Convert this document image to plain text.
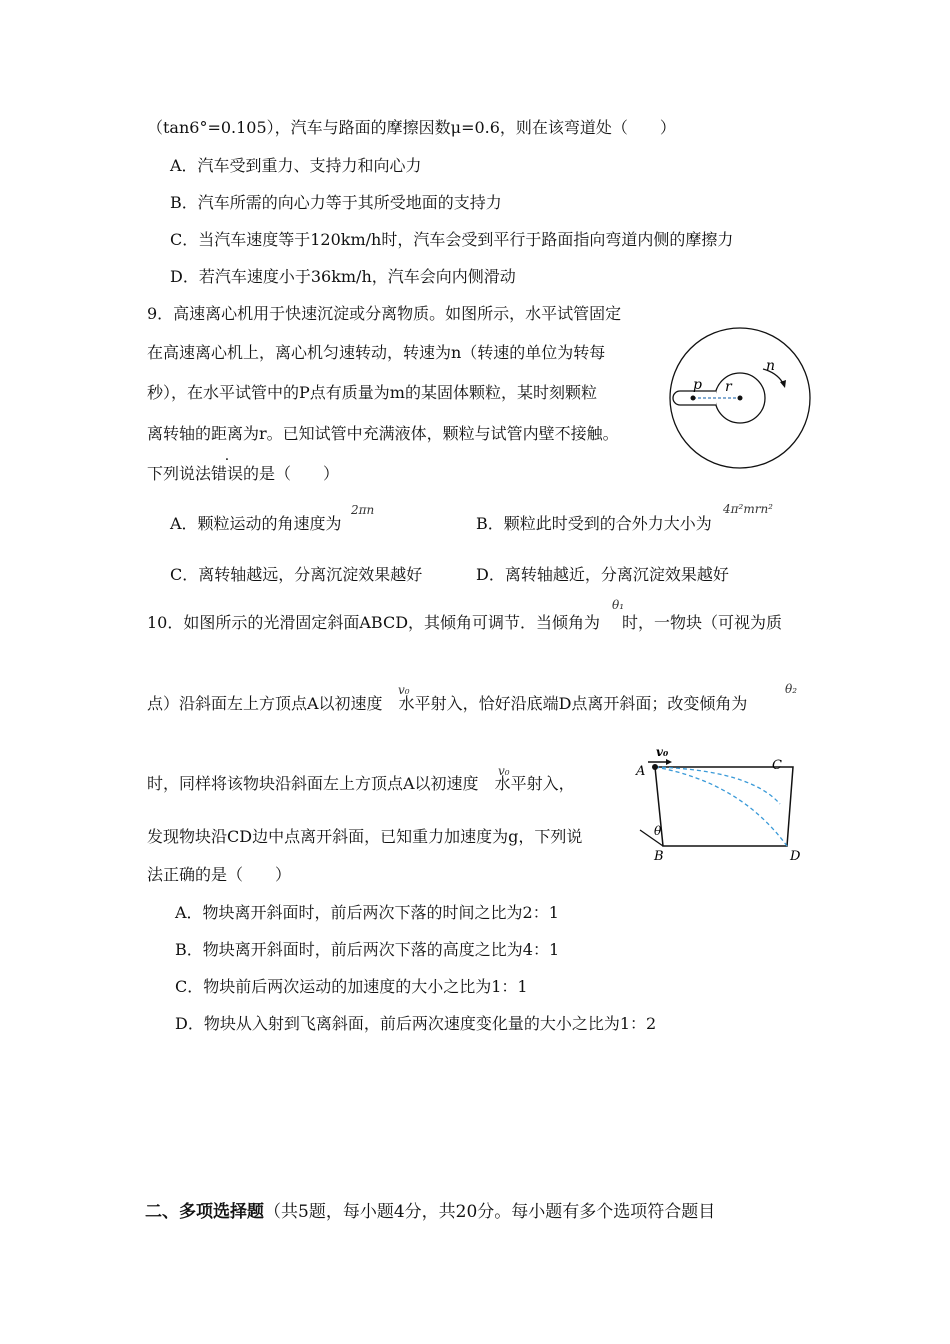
（tan6°=0.105），汽车与路面的摩擦因数μ=0.6，则在该弯道处（　　）
A．汽车受到重力、支持力和向心力
B．汽车所需的向心力等于其所受地面的支持力
C．当汽车速度等于120km/h时，汽车会受到平行于路面指向弯道内侧的摩擦力
D．若汽车速度小于36km/h，汽车会向内侧滑动
9．高速离心机用于快速沉淀或分离物质。如图所示，水平试管固定
在高速离心机上，离心机匀速转动，转速为n（转速的单位为转每
秒），在水平试管中的P点有质量为m的某固体颗粒，某时刻颗粒
离转轴的距离为r。已知试管中充满液体，颗粒与试管内壁不接触。
下列说法错误的是（　　）
p r
n
A．颗粒运动的角速度为
2πn
B．颗粒此时受到的合外力大小为
4π²mrn²
C．离转轴越远，分离沉淀效果越好	D．离转轴越近，分离沉淀效果越好
10．如图所示的光滑固定斜面ABCD，其倾角可调节．当倾角为 时，一物块（可视为质
θ₁
点）沿斜面左上方顶点A以初速度 水平射入，恰好沿底端D点离开斜面；改变倾角为
v₀	θ₂
时，同样将该物块沿斜面左上方顶点A以初速度 水平射入，
v₀
发现物块沿CD边中点离开斜面，已知重力加速度为g，下列说
法正确的是（　　）
v₀
A	C
B	D
θ
A．物块离开斜面时，前后两次下落的时间之比为2：1
B．物块离开斜面时，前后两次下落的高度之比为4：1
C．物块前后两次运动的加速度的大小之比为1：1
D．物块从入射到飞离斜面，前后两次速度变化量的大小之比为1：2
二、多项选择题（共5题，每小题4分，共20分。每小题有多个选项符合题目
